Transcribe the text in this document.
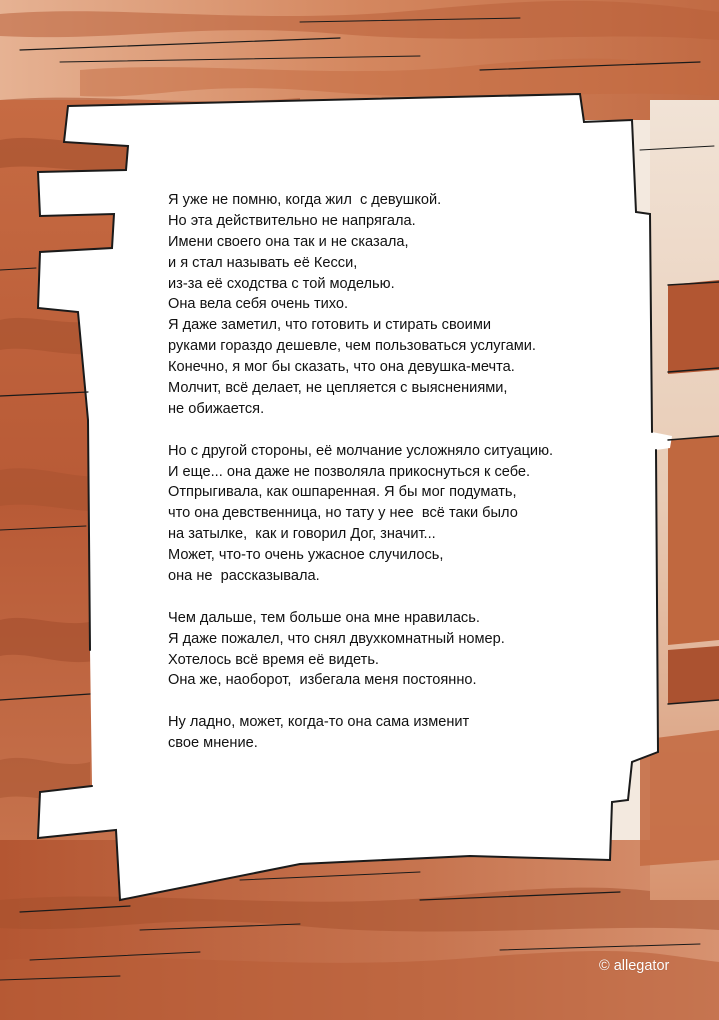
Я уже не помню, когда жил  с девушкой.
Но эта действительно не напрягала.
Имени своего она так и не сказала,
и я стал называть её Кесси,
из-за её сходства с той моделью.
Она вела себя очень тихо.
Я даже заметил, что готовить и стирать своими
руками гораздо дешевле, чем пользоваться услугами.
Конечно, я мог бы сказать, что она девушка-мечта.
Молчит, всё делает, не цепляется с выяснениями,
не обижается.
Но с другой стороны, её молчание усложняло ситуацию.
И еще... она даже не позволяла прикоснуться к себе.
Отпрыгивала, как ошпаренная. Я бы мог подумать,
что она девственница, но тату у нее  всё таки было
на затылке,  как и говорил Дог, значит...
Может, что-то очень ужасное случилось,
она не  рассказывала.
Чем дальше, тем больше она мне нравилась.
Я даже пожалел, что снял двухкомнатный номер.
Хотелось всё время её видеть.
Она же, наоборот,  избегала меня постоянно.
Ну ладно, может, когда-то она сама изменит
свое мнение.
© allegator
